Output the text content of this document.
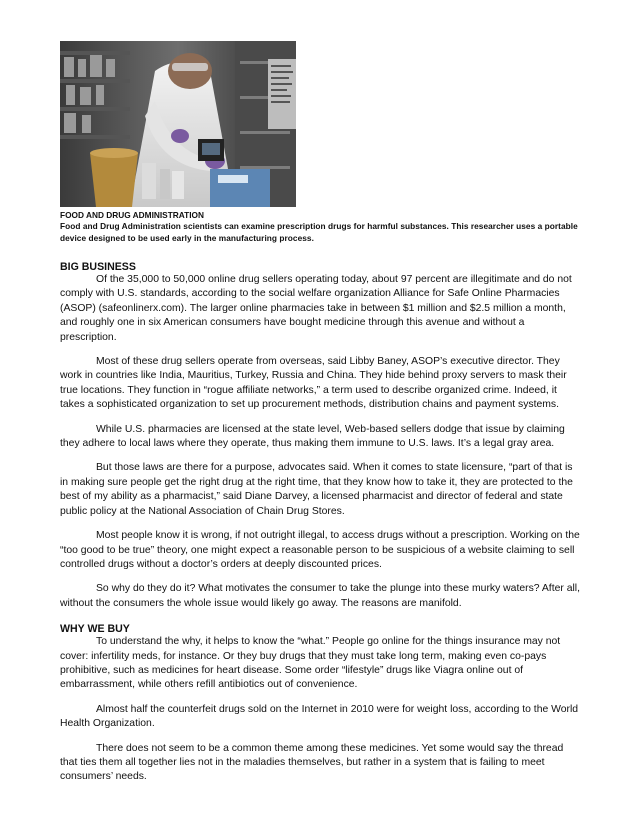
FOOD AND DRUG ADMINISTRATION

Food and Drug Administration scientists can examine prescription drugs for harmful substances. This researcher uses a portable device designed to be used early in the manufacturing process.

BIG BUSINESS

Of the 35,000 to 50,000 online drug sellers operating today, about 97 percent are illegitimate and do not comply with U.S. standards, according to the social welfare organization Alliance for Safe Online Pharmacies (ASOP) (safeonlinerx.com). The larger online pharmacies take in between $1 million and $2.5 million a month, and roughly one in six American consumers have bought medicine through this avenue and without a prescription.

Most of these drug sellers operate from overseas, said Libby Baney, ASOP’s executive director. They work in countries like India, Mauritius, Turkey, Russia and China. They hide behind proxy servers to mask their true locations. They function in “rogue affiliate networks,” a term used to describe organized crime. Indeed, it takes a sophisticated organization to set up procurement methods, distribution chains and payment systems.

While U.S. pharmacies are licensed at the state level, Web-based sellers dodge that issue by claiming they adhere to local laws where they operate, thus making them immune to U.S. laws. It’s a legal gray area.

But those laws are there for a purpose, advocates said. When it comes to state licensure, “part of that is in making sure people get the right drug at the right time, that they know how to take it, they are protected to the best of my ability as a pharmacist,” said Diane Darvey, a licensed pharmacist and director of federal and state public policy at the National Association of Chain Drug Stores.

Most people know it is wrong, if not outright illegal, to access drugs without a prescription. Working on the “too good to be true” theory, one might expect a reasonable person to be suspicious of a website claiming to sell controlled drugs without a doctor’s orders at deeply discounted prices.

So why do they do it? What motivates the consumer to take the plunge into these murky waters? After all, without the consumers the whole issue would likely go away. The reasons are manifold.

WHY WE BUY

To understand the why, it helps to know the “what.” People go online for the things insurance may not cover: infertility meds, for instance. Or they buy drugs that they must take long term, making even co-pays prohibitive, such as medicines for heart disease. Some order “lifestyle” drugs like Viagra online out of embarrassment, while others refill antibiotics out of convenience.

Almost half the counterfeit drugs sold on the Internet in 2010 were for weight loss, according to the World Health Organization.

There does not seem to be a common theme among these medicines. Yet some would say the thread that ties them all together lies not in the maladies themselves, but rather in a system that is failing to meet consumers’ needs.
